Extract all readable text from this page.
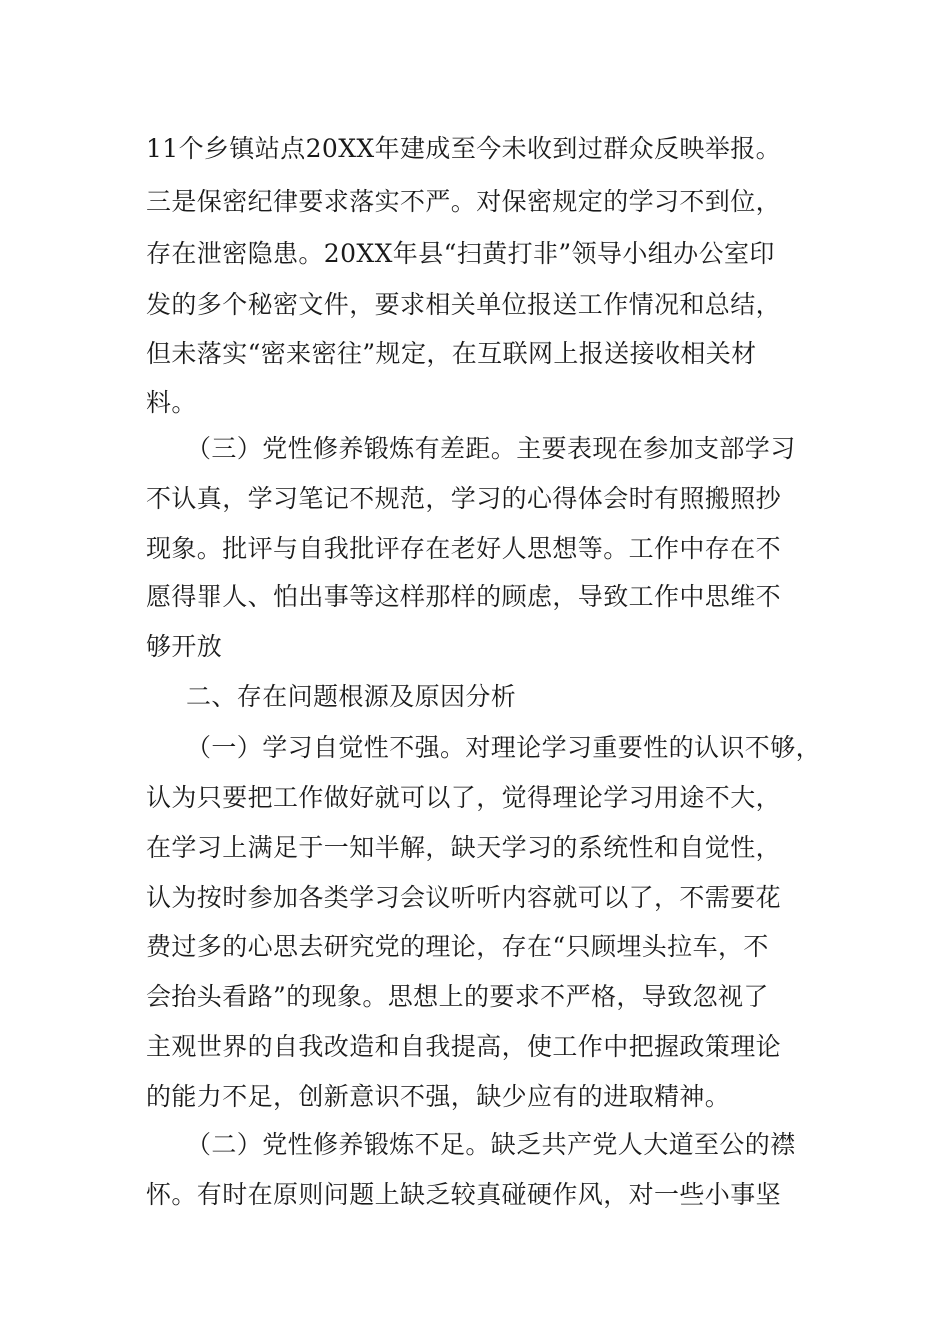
11个乡镇站点20XX年建成至今未收到过群众反映举报。
三是保密纪律要求落实不严。对保密规定的学习不到位，
存在泄密隐患。20XX年县“扫黄打非”领导小组办公室印
发的多个秘密文件，要求相关单位报送工作情况和总结，
但未落实“密来密往”规定，在互联网上报送接收相关材
料。
（三）党性修养锻炼有差距。主要表现在参加支部学习
不认真，学习笔记不规范，学习的心得体会时有照搬照抄
现象。批评与自我批评存在老好人思想等。工作中存在不
愿得罪人、怕出事等这样那样的顾虑，导致工作中思维不
够开放
二、存在问题根源及原因分析
（一）学习自觉性不强。对理论学习重要性的认识不够，
认为只要把工作做好就可以了，觉得理论学习用途不大，
在学习上满足于一知半解，缺天学习的系统性和自觉性，
认为按时参加各类学习会议听听内容就可以了，不需要花
费过多的心思去研究党的理论，存在“只顾埋头拉车，不
会抬头看路”的现象。思想上的要求不严格，导致忽视了
主观世界的自我改造和自我提高，使工作中把握政策理论
的能力不足，创新意识不强，缺少应有的进取精神。
（二）党性修养锻炼不足。缺乏共产党人大道至公的襟
怀。有时在原则问题上缺乏较真碰硬作风，对一些小事坚
